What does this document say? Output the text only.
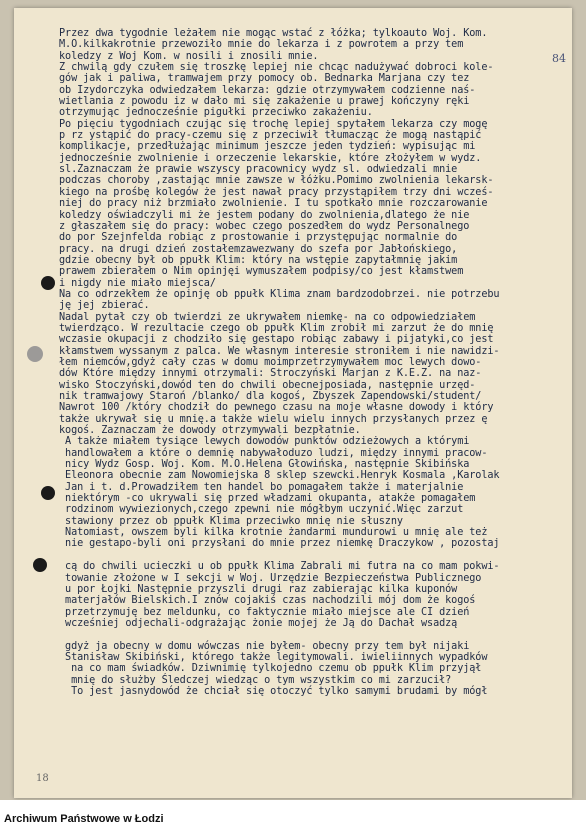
84
Przez dwa tygodnie leżałem nie mogąc wstać z łóżka; tylkoauto Woj. Kom.
M.O.kilkakrotnie przewoziło mnie do lekarza i z powrotem a przy tem
koledzy z Woj Kom. w nosili i znosili mnie.
Z chwilą gdy czułem się troszkę lepiej nie chcąc nadużywać dobroci kole-
gów jak i paliwa, tramwajem przy pomocy ob. Bednarka Marjana czy tez
ob Izydorczyka odwiedzałem lekarza: gdzie otrzymywałem codzienne naś-
wietlania z powodu iz w dało mi się zakażenie u prawej kończyny ręki
otrzymując jednocześnie pigułki przeciwko zakażeniu.
Po pięciu tygodniach czując się trochę lepiej spytałem lekarza czy mogę
p rz ystąpić do pracy-czemu się z przeciwił tłumacząc że mogą nastąpić
komplikacje, przedłużając minimum jeszcze jeden tydzień: wypisując mi
jednocześnie zwolnienie i orzeczenie lekarskie, które złożyłem w wydz.
sl.Zaznaczam że prawie wszyscy pracownicy wydz sl. odwiedzali mnie
podczas choroby ,zastając mnie zawsze w łóżku.Pomimo zwolnienia lekarsk-
kiego na prośbę kolegów że jest nawał pracy przystąpiłem trzy dni wcześ-
niej do pracy niż brzmiało zwolnienie. I tu spotkało mnie rozczarowanie
koledzy oświadczyli mi że jestem podany do zwolnienia,dlatego że nie
z głaszałem się do pracy: wobec czego poszedłem do wydz Personalnego
do por Szejnfelda robiąc z prostowanie i przystępując normalnie do
pracy. na drugi dzień zostałemzawezwany do szefa por Jabłońskiego,
gdzie obecny był ob ppułk Klim: który na wstępie zapytałmnię jakim
prawem zbierałem o Nim opinjęi wymuszałem podpisy/co jest kłamstwem
i nigdy nie miało miejsca/
Na co odrzekłem że opinję ob ppułk Klima znam bardzodobrzei. nie potrzebu
ję jej zbierać.
Nadal pytał czy ob twierdzi ze ukrywałem niemkę- na co odpowiedziałem
twierdząco. W rezultacie czego ob ppułk Klim zrobił mi zarzut że do mnię
wczasie okupacji z chodziło się gestapo robiąc zabawy i pijatyki,co jest
kłamstwem wyssanym z palca. We własnym interesie stroniłem i nie nawidzi-
łem niemców,gdyż cały czas w domu moimprzetrzymywałem moc lewych dowo-
dów Które między innymi otrzymali: Stroczyński Marjan z K.E.Z. na naz-
wisko Stoczyński,dowód ten do chwili obecnejposiada, następnie urzęd-
nik tramwajowy Staroń /blanko/ dla kogoś, Zbyszek Zapendowski/student/
Nawrot 100 /który chodził do pewnego czasu na moje własne dowody i który
także ukrywał się u mnię.a także wielu wielu innych przysłanych przez ę
kogoś. Zaznaczam że dowody otrzymywali bezpłatnie.
A także miałem tysiące lewych dowodów punktów odzieżowych a którymi
handlowałem a które o demnię nabywałoduzo ludzi, między innymi pracow-
nicy Wydz Gosp. Woj. Kom. M.O.Helena Głowińska, następnie Skibińska
Eleonora obecnie zam Nowomiejska 8 sklep szewcki.Henryk Kosmala ,Karolak
Jan i t. d.Prowadziłem ten handel bo pomagałem także i materjalnie
niektórym -co ukrywali się przed władzami okupanta, atakże pomagałem
rodzinom wywiezionych,czego zpewni nie mógłbym uczynić.Więc zarzut
stawiony przez ob ppułk Klima przeciwko mnię nie słuszny
Natomiast, owszem byli kilka krotnie żandarmi mundurowi u mnię ale też
nie gestapo-byli oni przysłani do mnie przez niemkę Draczykow , pozostaj
cą do chwili ucieczki u ob ppułk Klima Zabrali mi futra na co mam pokwi-
towanie złożone w I sekcji w Woj. Urzędzie Bezpieczeństwa Publicznego
u por Łojki Następnie przyszli drugi raz zabierając kilka kuponów
materjałów Bielskich.I znów cojakiś czas nachodzili mój dom że kogoś
przetrzymuję bez meldunku, co faktycznie miało miejsce ale CI dzień
wcześniej odjechali-odgrażając żonie mojej że Ją do Dachał wsadzą
gdyż ja obecny w domu wówczas nie byłem- obecny przy tem był nijaki
Stanisław Skibiński, którego także legitymowali. iwieliinnych wypadków
na co mam świadków. Dziwnimię tylkojedno czemu ob ppułk Klim przyjął
mnię do służby Śledczej wiedząc o tym wszystkim co mi zarzucił?
To jest jasnydowód że chciał się otoczyć tylko samymi brudami by mógł
18
Archiwum Państwowe w Łodzi
